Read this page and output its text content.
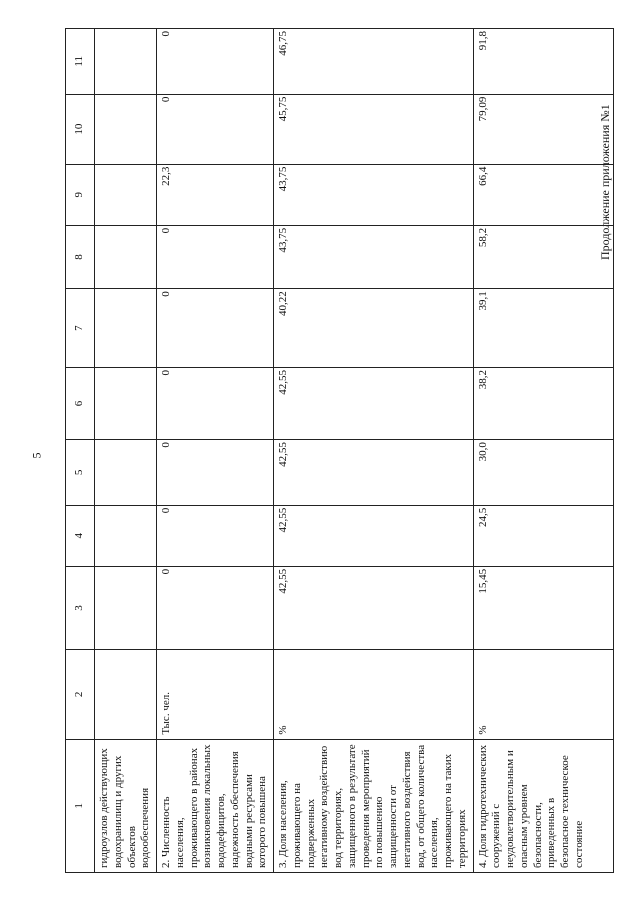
5
Продолжение приложения №1
1	2	3	4	5	6	7	8	9	10	11
гидроузлов действующих водохранилищ и других объектов водообеспечения										
2. Численность населения, проживающего в районах возникновения локальных вододефицитов, надежность обеспечения водными ресурсами которого повышена	Тыс. чел.	0	0	0	0	0	0	22,3	0	0
3. Доля населения, проживающего на подверженных негативному воздействию вод территориях, защищенного в результате проведения мероприятий по повышению защищенности от негативного воздействия вод, от общего количества населения, проживающего на таких территориях	%	42,55	42,55	42,55	42,55	40,22	43,75	43,75	45,75	46,75
4. Доля гидротехнических сооружений с неудовлетворительным и опасным уровнем безопасности, приведенных в безопасное техническое состояние	%	15,45	24,5	30,0	38,2	39,1	58,2	66,4	79,09	91,8
